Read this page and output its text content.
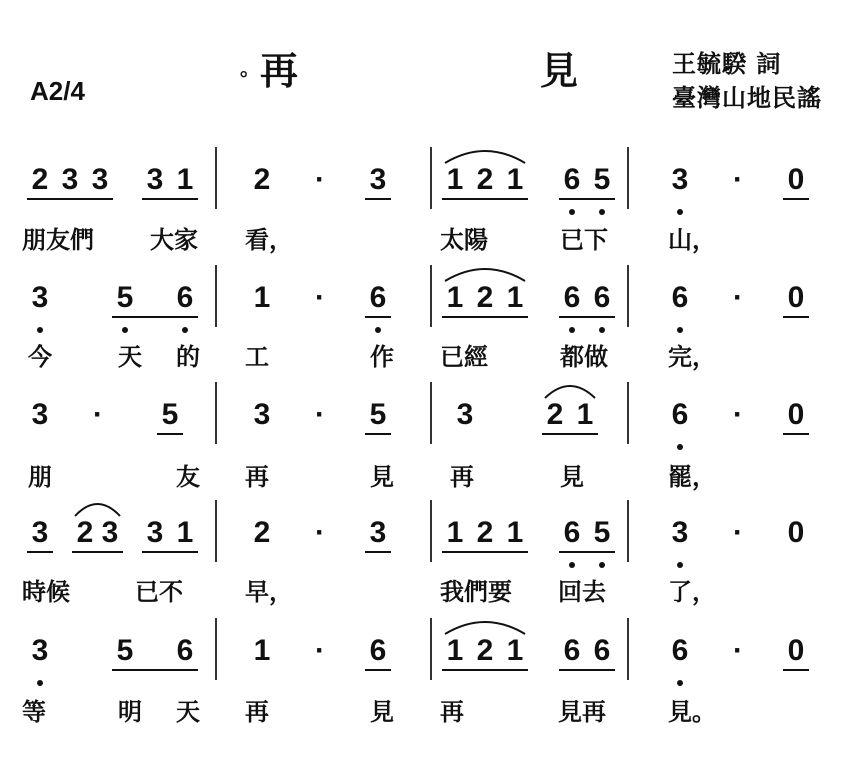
。 再	見
A2/4
王毓騤 詞
臺灣山地民謠
2 3 3 3 1 2 · 3 1 2 1 6 5 3 · 0
朋友們 大家 看，	太陽	已下	山，
3 5 6 1 · 6 1 2 1 6 6 6 · 0
今	天 的 工	作 已經	都做	完，
3 · 5	3 · 5 3 2 1	6 · 0
朋	友 再	見 再	見	罷，
3 2 3 3 1 2 · 3 1 2 1 6 5 3 · 0
時候	已不	早，	我們要 回去	了，
3 5 6 1 · 6 1 2 1 6 6 6 · 0
等	明 天 再	見 再	見再	見。
